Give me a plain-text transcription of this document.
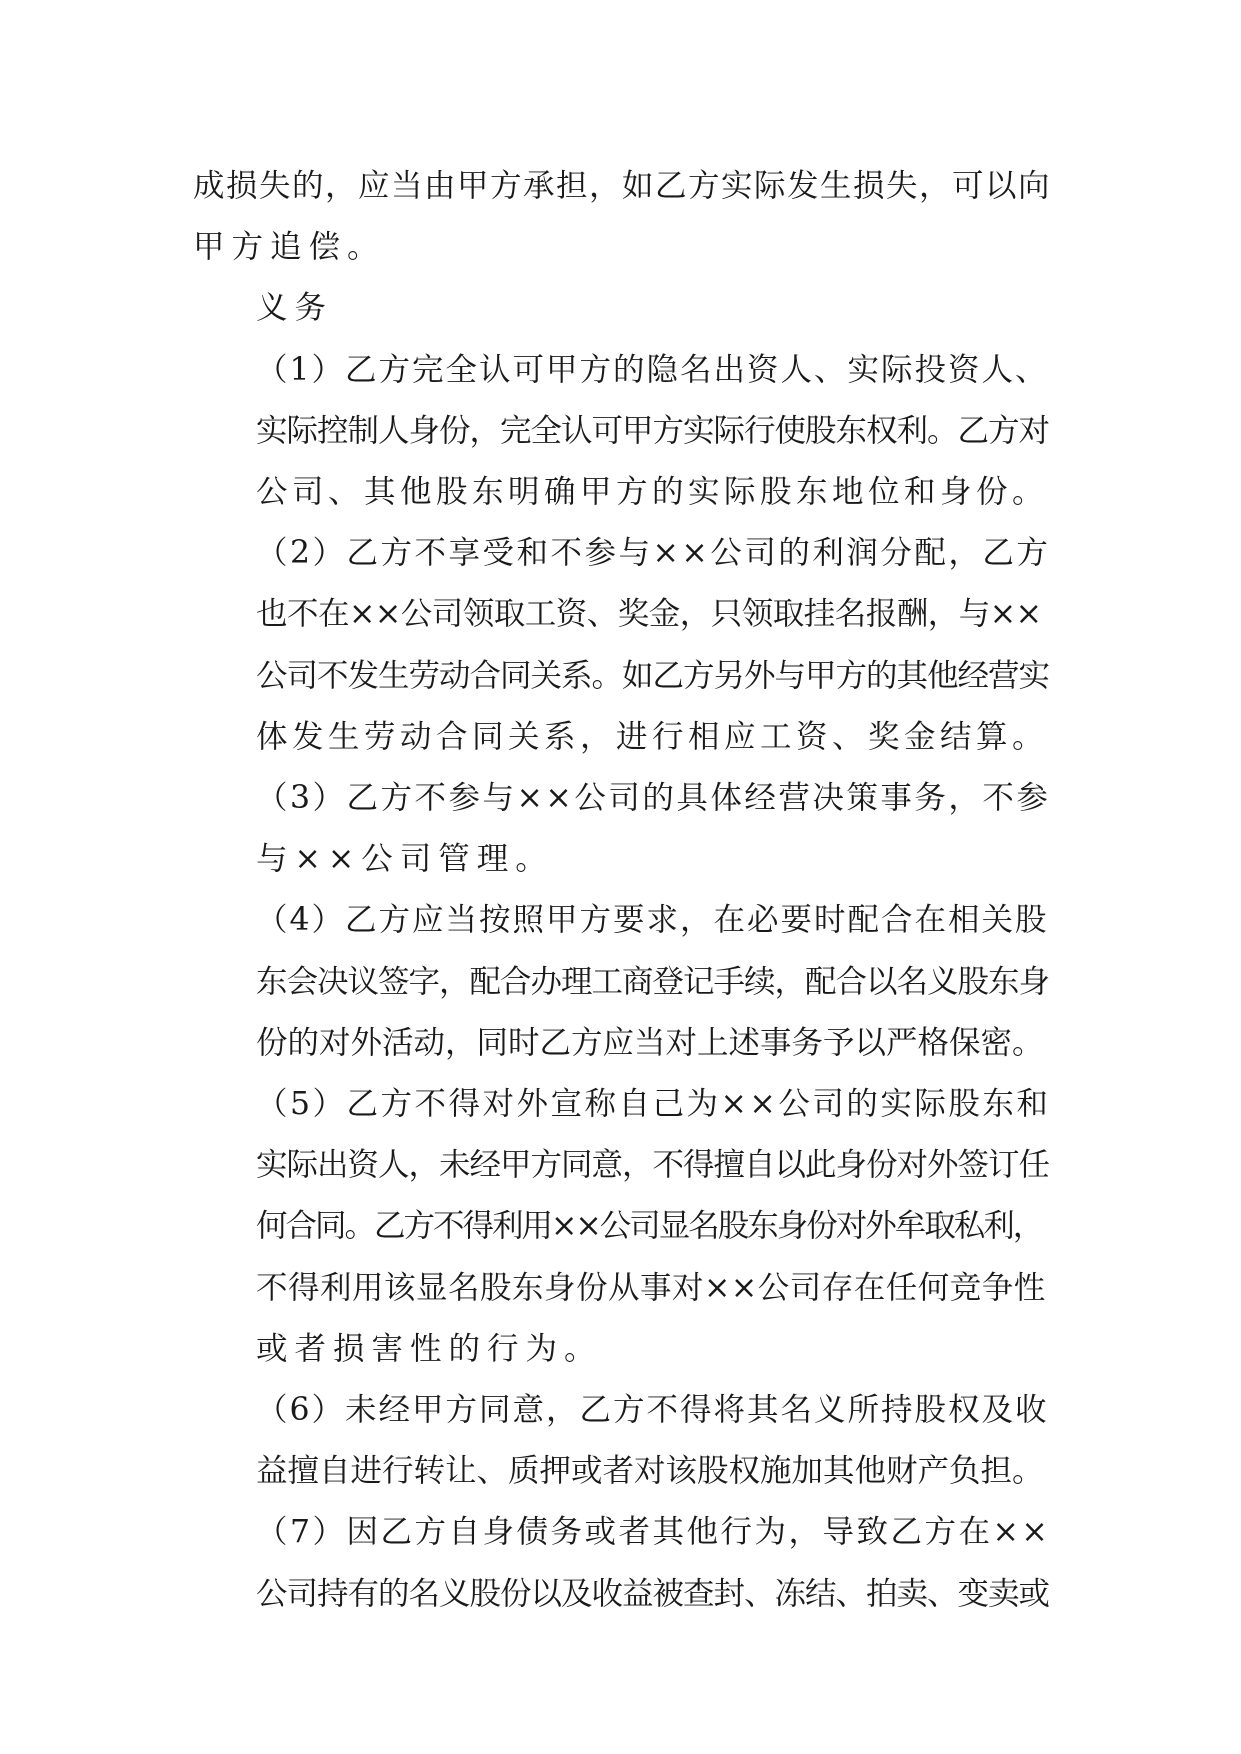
成损失的，应当由甲方承担，如乙方实际发生损失，可以向
甲方追偿。

义务

（1）乙方完全认可甲方的隐名出资人、实际投资人、
实际控制人身份，完全认可甲方实际行使股东权利。乙方对
公司、其他股东明确甲方的实际股东地位和身份。

（2）乙方不享受和不参与××公司的利润分配，乙方
也不在××公司领取工资、奖金，只领取挂名报酬，与××
公司不发生劳动合同关系。如乙方另外与甲方的其他经营实
体发生劳动合同关系，进行相应工资、奖金结算。

（3）乙方不参与××公司的具体经营决策事务，不参
与××公司管理。

（4）乙方应当按照甲方要求，在必要时配合在相关股
东会决议签字，配合办理工商登记手续，配合以名义股东身
份的对外活动，同时乙方应当对上述事务予以严格保密。

（5）乙方不得对外宣称自己为××公司的实际股东和
实际出资人，未经甲方同意，不得擅自以此身份对外签订任
何合同。乙方不得利用××公司显名股东身份对外牟取私利，
不得利用该显名股东身份从事对××公司存在任何竞争性
或者损害性的行为。

（6）未经甲方同意，乙方不得将其名义所持股权及收
益擅自进行转让、质押或者对该股权施加其他财产负担。

（7）因乙方自身债务或者其他行为，导致乙方在××
公司持有的名义股份以及收益被查封、冻结、拍卖、变卖或
